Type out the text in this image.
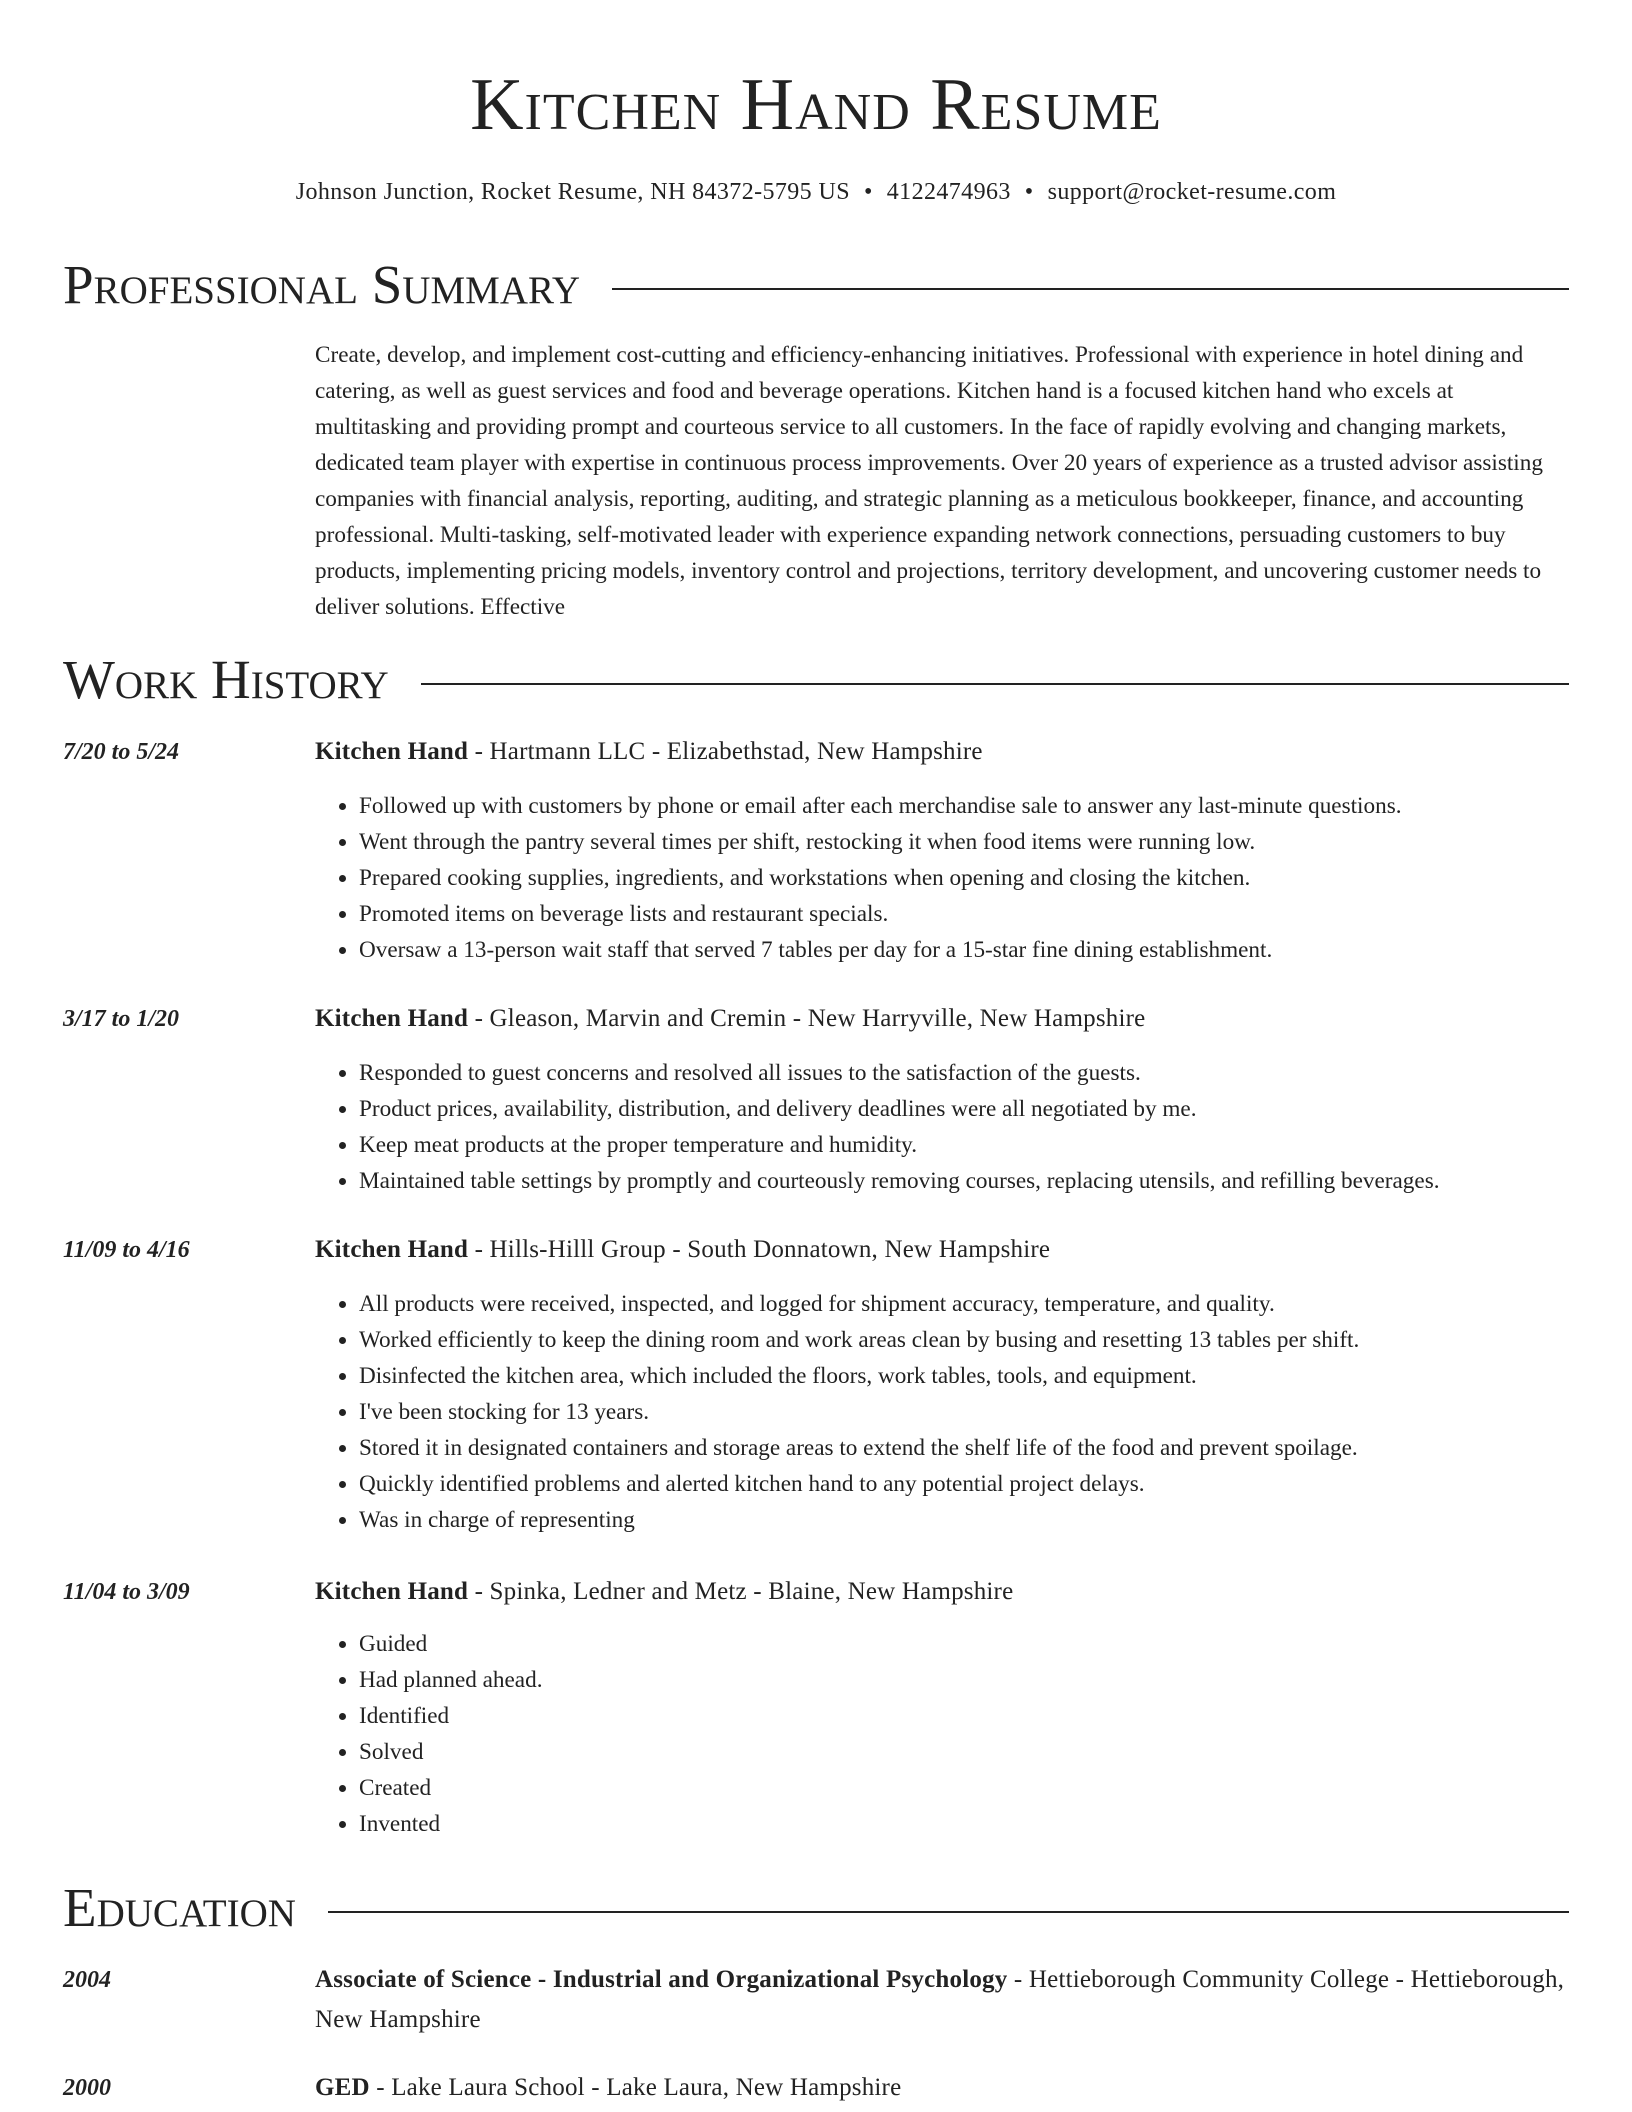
Kitchen Hand Resume
Johnson Junction, Rocket Resume, NH 84372-5795 US • 4122474963 • support@rocket-resume.com
Professional Summary
Create, develop, and implement cost-cutting and efficiency-enhancing initiatives. Professional with experience in hotel dining and catering, as well as guest services and food and beverage operations. Kitchen hand is a focused kitchen hand who excels at multitasking and providing prompt and courteous service to all customers. In the face of rapidly evolving and changing markets, dedicated team player with expertise in continuous process improvements. Over 20 years of experience as a trusted advisor assisting companies with financial analysis, reporting, auditing, and strategic planning as a meticulous bookkeeper, finance, and accounting professional. Multi-tasking, self-motivated leader with experience expanding network connections, persuading customers to buy products, implementing pricing models, inventory control and projections, territory development, and uncovering customer needs to deliver solutions. Effective
Work History
7/20 to 5/24	Kitchen Hand - Hartmann LLC - Elizabethstad, New Hampshire
• Followed up with customers by phone or email after each merchandise sale to answer any last-minute questions.
• Went through the pantry several times per shift, restocking it when food items were running low.
• Prepared cooking supplies, ingredients, and workstations when opening and closing the kitchen.
• Promoted items on beverage lists and restaurant specials.
• Oversaw a 13-person wait staff that served 7 tables per day for a 15-star fine dining establishment.
3/17 to 1/20	Kitchen Hand - Gleason, Marvin and Cremin - New Harryville, New Hampshire
• Responded to guest concerns and resolved all issues to the satisfaction of the guests.
• Product prices, availability, distribution, and delivery deadlines were all negotiated by me.
• Keep meat products at the proper temperature and humidity.
• Maintained table settings by promptly and courteously removing courses, replacing utensils, and refilling beverages.
11/09 to 4/16	Kitchen Hand - Hills-Hilll Group - South Donnatown, New Hampshire
• All products were received, inspected, and logged for shipment accuracy, temperature, and quality.
• Worked efficiently to keep the dining room and work areas clean by busing and resetting 13 tables per shift.
• Disinfected the kitchen area, which included the floors, work tables, tools, and equipment.
• I've been stocking for 13 years.
• Stored it in designated containers and storage areas to extend the shelf life of the food and prevent spoilage.
• Quickly identified problems and alerted kitchen hand to any potential project delays.
• Was in charge of representing
11/04 to 3/09	Kitchen Hand - Spinka, Ledner and Metz - Blaine, New Hampshire
• Guided
• Had planned ahead.
• Identified
• Solved
• Created
• Invented
Education
2004	Associate of Science - Industrial and Organizational Psychology - Hettieborough Community College - Hettieborough, New Hampshire
2000	GED - Lake Laura School - Lake Laura, New Hampshire
